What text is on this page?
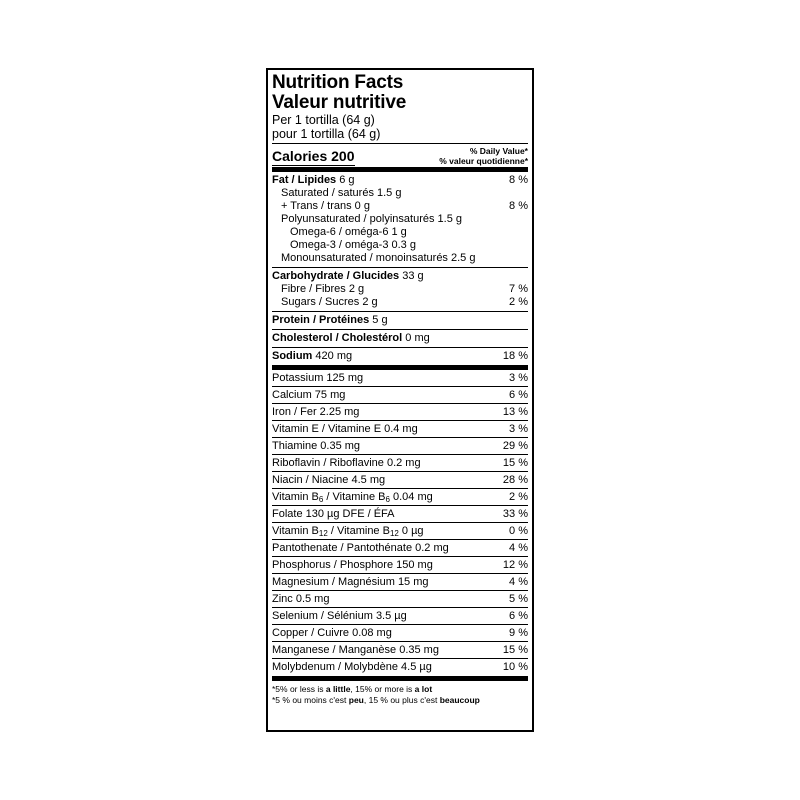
Nutrition Facts
Valeur nutritive
Per 1 tortilla (64 g)
pour 1 tortilla (64 g)
Calories 200	% Daily Value*
% valeur quotidienne*
Fat / Lipides 6 g	8 %
Saturated / saturés 1.5 g
+ Trans / trans 0 g	8 %
Polyunsaturated / polyinsaturés 1.5 g
Omega-6 / oméga-6 1 g
Omega-3 / oméga-3 0.3 g
Monounsaturated / monoinsaturés 2.5 g
Carbohydrate / Glucides 33 g
Fibre / Fibres 2 g	7 %
Sugars / Sucres 2 g	2 %
Protein / Protéines 5 g
Cholesterol / Cholestérol 0 mg
Sodium 420 mg	18 %
Potassium 125 mg	3 %
Calcium 75 mg	6 %
Iron / Fer 2.25 mg	13 %
Vitamin E / Vitamine E 0.4 mg	3 %
Thiamine 0.35 mg	29 %
Riboflavin / Riboflavine 0.2 mg	15 %
Niacin / Niacine 4.5 mg	28 %
Vitamin $B_6$ / Vitamine $B_6$ 0.04 mg	2 %
Folate 130 µg DFE / ÉFA	33 %
Vitamin $B_{12}$ / Vitamine $B_{12}$ 0 µg	0 %
Pantothenate / Pantothénate 0.2 mg	4 %
Phosphorus / Phosphore 150 mg	12 %
Magnesium / Magnésium 15 mg	4 %
Zinc 0.5 mg	5 %
Selenium / Sélénium 3.5 µg	6 %
Copper / Cuivre 0.08 mg	9 %
Manganese / Manganèse 0.35 mg	15 %
Molybdenum / Molybdène 4.5 µg	10 %
*5% or less is a little, 15% or more is a lot
*5 % ou moins c'est peu, 15 % ou plus c'est beaucoup
